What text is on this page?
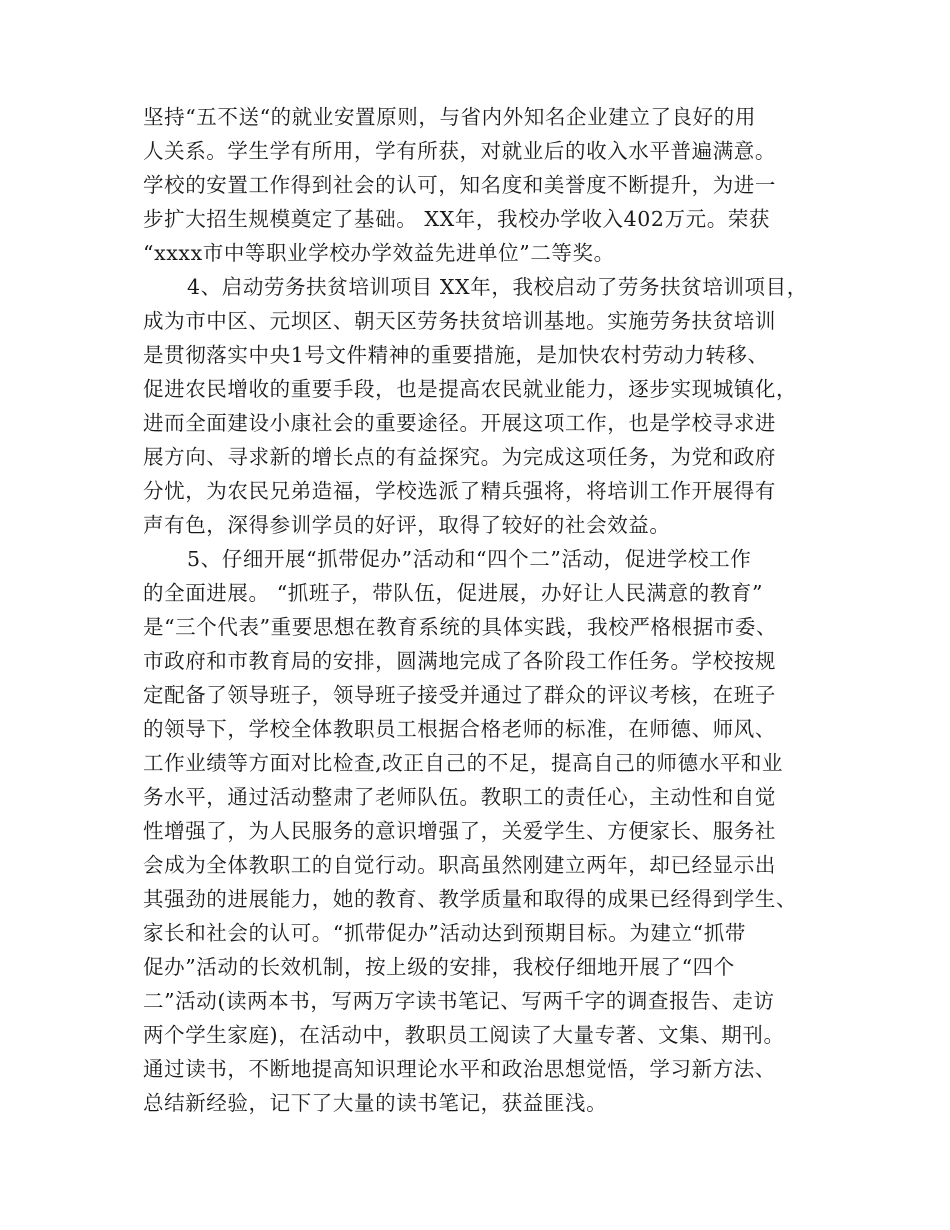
坚持“五不送“的就业安置原则，与省内外知名企业建立了良好的用
人关系。学生学有所用，学有所获，对就业后的收入水平普遍满意。
学校的安置工作得到社会的认可，知名度和美誉度不断提升，为进一
步扩大招生规模奠定了基础。 XX年，我校办学收入402万元。荣获
“xxxx市中等职业学校办学效益先进单位”二等奖。
4、启动劳务扶贫培训项目 XX年，我校启动了劳务扶贫培训项目，
成为市中区、元坝区、朝天区劳务扶贫培训基地。实施劳务扶贫培训
是贯彻落实中央1号文件精神的重要措施，是加快农村劳动力转移、
促进农民增收的重要手段，也是提高农民就业能力，逐步实现城镇化，
进而全面建设小康社会的重要途径。开展这项工作，也是学校寻求进
展方向、寻求新的增长点的有益探究。为完成这项任务，为党和政府
分忧，为农民兄弟造福，学校选派了精兵强将，将培训工作开展得有
声有色，深得参训学员的好评，取得了较好的社会效益。
5、仔细开展“抓带促办”活动和“四个二”活动，促进学校工作
的全面进展。 “抓班子，带队伍，促进展，办好让人民满意的教育”
是“三个代表”重要思想在教育系统的具体实践，我校严格根据市委、
市政府和市教育局的安排，圆满地完成了各阶段工作任务。学校按规
定配备了领导班子，领导班子接受并通过了群众的评议考核，在班子
的领导下，学校全体教职员工根据合格老师的标准，在师德、师风、
工作业绩等方面对比检查,改正自己的不足，提高自己的师德水平和业
务水平，通过活动整肃了老师队伍。教职工的责任心，主动性和自觉
性增强了，为人民服务的意识增强了，关爱学生、方便家长、服务社
会成为全体教职工的自觉行动。职高虽然刚建立两年，却已经显示出
其强劲的进展能力，她的教育、教学质量和取得的成果已经得到学生、
家长和社会的认可。“抓带促办”活动达到预期目标。为建立“抓带
促办”活动的长效机制，按上级的安排，我校仔细地开展了“四个
二”活动(读两本书，写两万字读书笔记、写两千字的调查报告、走访
两个学生家庭)，在活动中，教职员工阅读了大量专著、文集、期刊。
通过读书，不断地提高知识理论水平和政治思想觉悟，学习新方法、
总结新经验，记下了大量的读书笔记，获益匪浅。
